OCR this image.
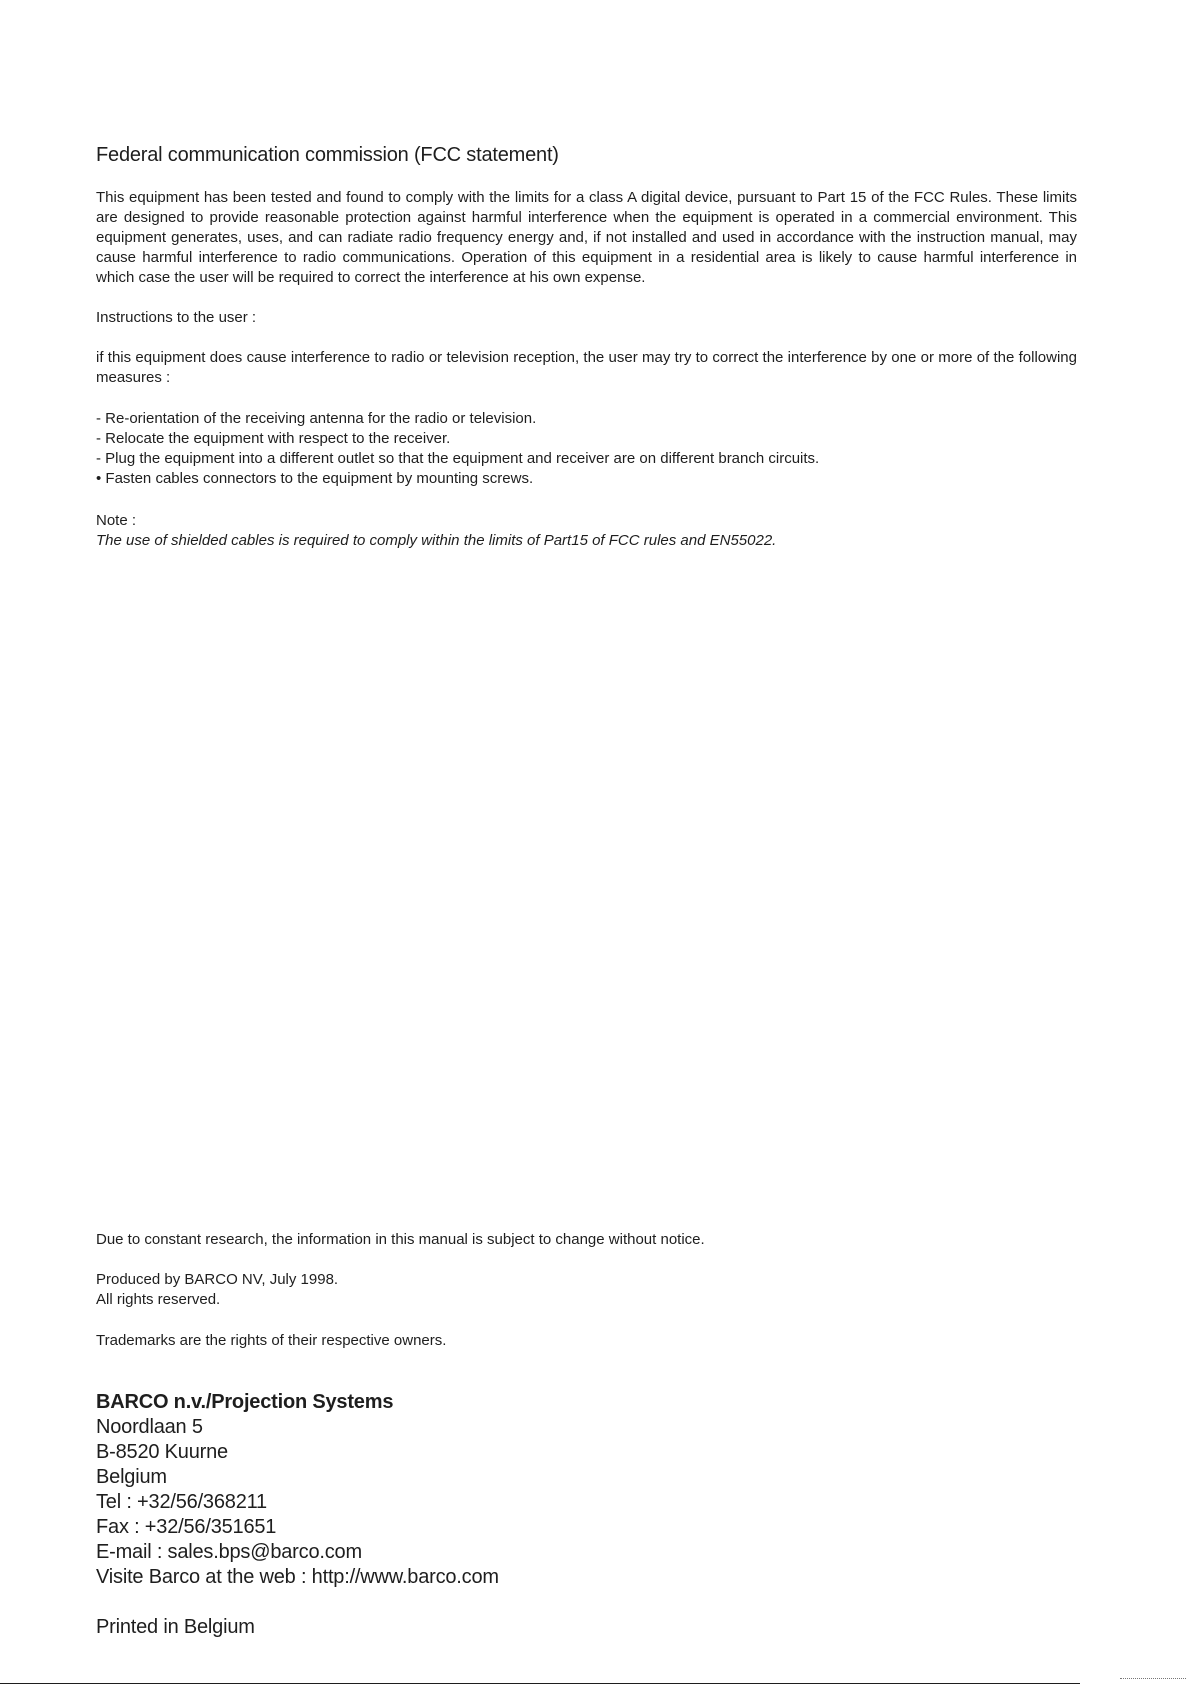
Federal communication commission (FCC statement)

This equipment has been tested and found to comply with the limits for a class A digital device, pursuant to Part 15 of the FCC Rules. These limits are designed to provide reasonable protection against harmful interference when the equipment is operated in a commercial environment. This equipment generates, uses, and can radiate radio frequency energy and, if not installed and used in accordance with the instruction manual, may cause harmful interference to radio communications. Operation of this equipment in a residential area is likely to cause harmful interference in which case the user will be required to correct the interference at his own expense.

Instructions to the user :

if this equipment does cause interference to radio or television reception, the user may try to correct the interference by one or more of the following measures :

- Re-orientation of the receiving antenna for the radio or television.
- Relocate the equipment with respect to the receiver.
- Plug the equipment into a different outlet so that the equipment and receiver are on different branch circuits.
• Fasten cables connectors to the equipment by mounting screws.

Note :

The use of shielded cables is required to comply within the limits of Part15 of FCC rules and EN55022.

Due to constant research, the information in this manual is subject to change without notice.

Produced by BARCO NV, July 1998.

All rights reserved.

Trademarks are the rights of their respective owners.

BARCO n.v./Projection Systems
Noordlaan 5
B-8520 Kuurne
Belgium
Tel : +32/56/368211
Fax : +32/56/351651
E-mail : sales.bps@barco.com
Visite Barco at the web : http://www.barco.com
Printed in Belgium
